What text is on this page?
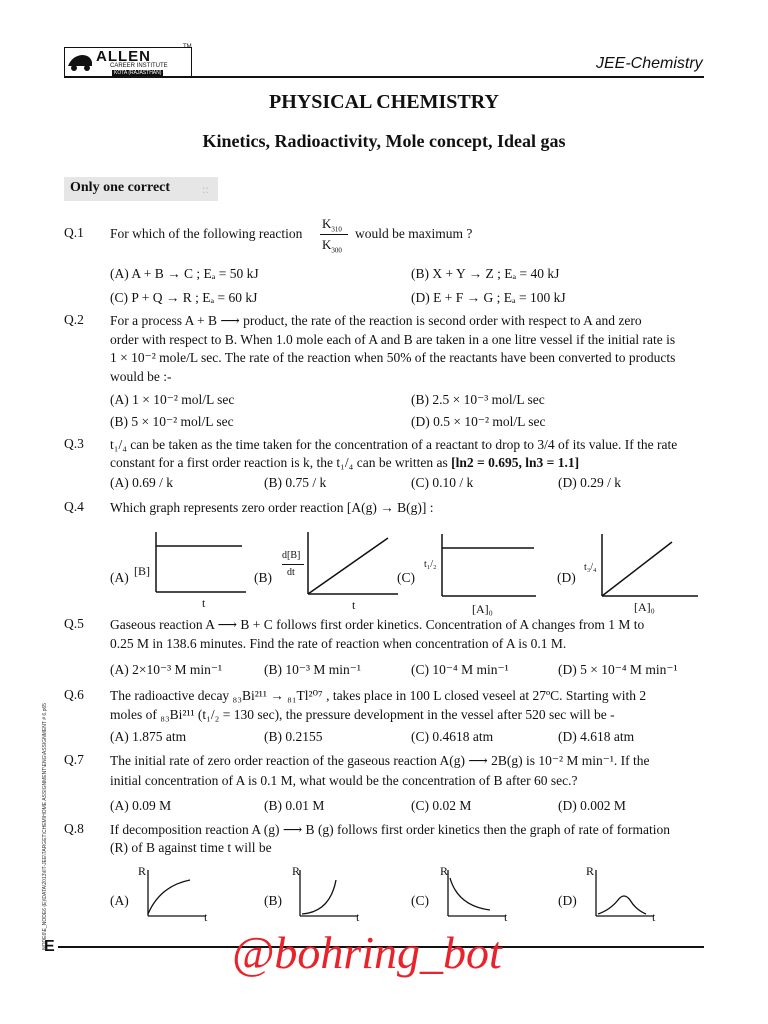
ALLEN
CAREER INSTITUTE
KOTA (RAJASTHAN)
TM
JEE-Chemistry
PHYSICAL CHEMISTRY
Kinetics, Radioactivity, Mole concept, Ideal gas
Only one correct	::
Q.1 For which of the following reaction
$K_{310}$
$K_{300}$
would be maximum ?
(A) A + B → C ; Eₐ = 50 kJ	(B) X + Y → Z ; Eₐ = 40 kJ
(C) P + Q → R ; Eₐ = 60 kJ	(D) E + F → G ; Eₐ = 100 kJ
Q.2 For a process A + B ⟶ product, the rate of the reaction is second order with respect to A and zero
order with respect to B. When 1.0 mole each of A and B are taken in a one litre vessel if the initial rate is
1 × 10⁻² mole/L sec. The rate of the reaction when 50% of the reactants have been converted to products
would be :-
(A) 1 × 10⁻² mol/L sec	(B) 2.5 × 10⁻³ mol/L sec
(B) 5 × 10⁻² mol/L sec	(D) 0.5 × 10⁻² mol/L sec
Q.3 t₁/₄ can be taken as the time taken for the concentration of a reactant to drop to 3/4 of its value. If the rate
constant for a first order reaction is k, the t₁/₄ can be written as [ln2 = 0.695, ln3 = 1.1]
(A) 0.69 / k	(B) 0.75 / k	(C) 0.10 / k	(D) 0.29 / k
Q.4 Which graph represents zero order reaction [A(g) → B(g)] :
(A) [B]
t
(B)
d[B]
dt
t
(C)
t₁/₂
[A]₀
(D)
t₃/₄
[A]₀
Q.5 Gaseous reaction A ⟶ B + C follows first order kinetics. Concentration of A changes from 1 M to
0.25 M in 138.6 minutes. Find the rate of reaction when concentration of A is 0.1 M.
(A) 2×10⁻³ M min⁻¹	(B) 10⁻³ M min⁻¹	(C) 10⁻⁴ M min⁻¹	(D) 5 × 10⁻⁴ M min⁻¹
Q.6 The radioactive decay ₈₃Bi²¹¹ → ₈₁Tl²⁰⁷ , takes place in 100 L closed veseel at 27ºC. Starting with 2
moles of ₈₃Bi²¹¹ (t₁/₂ = 130 sec), the pressure development in the vessel after 520 sec will be -
(A) 1.875 atm	(B) 0.2155	(C) 0.4618 atm	(D) 4.618 atm
Q.7 The initial rate of zero order reaction of the gaseous reaction A(g) ⟶ 2B(g) is 10⁻² M min⁻¹. If the
initial concentration of A is 0.1 M, what would be the concentration of B after 60 sec.?
(A) 0.09 M	(B) 0.01 M	(C) 0.02 M	(D) 0.002 M
Q.8 If decomposition reaction A (g) ⟶ B (g) follows first order kinetics then the graph of rate of formation
(R) of B against time t will be
(A)
R
t
(B)
R
t
(C)
R
t
(D)
R
t
NODE6\E_NODE6 (E)\DATA\2013\IIT-JEE\TARGET\CHEM\HOME ASSIGNMENT\ENG\ASSIGNMENT # 6.p65
E	@bohring_bot
